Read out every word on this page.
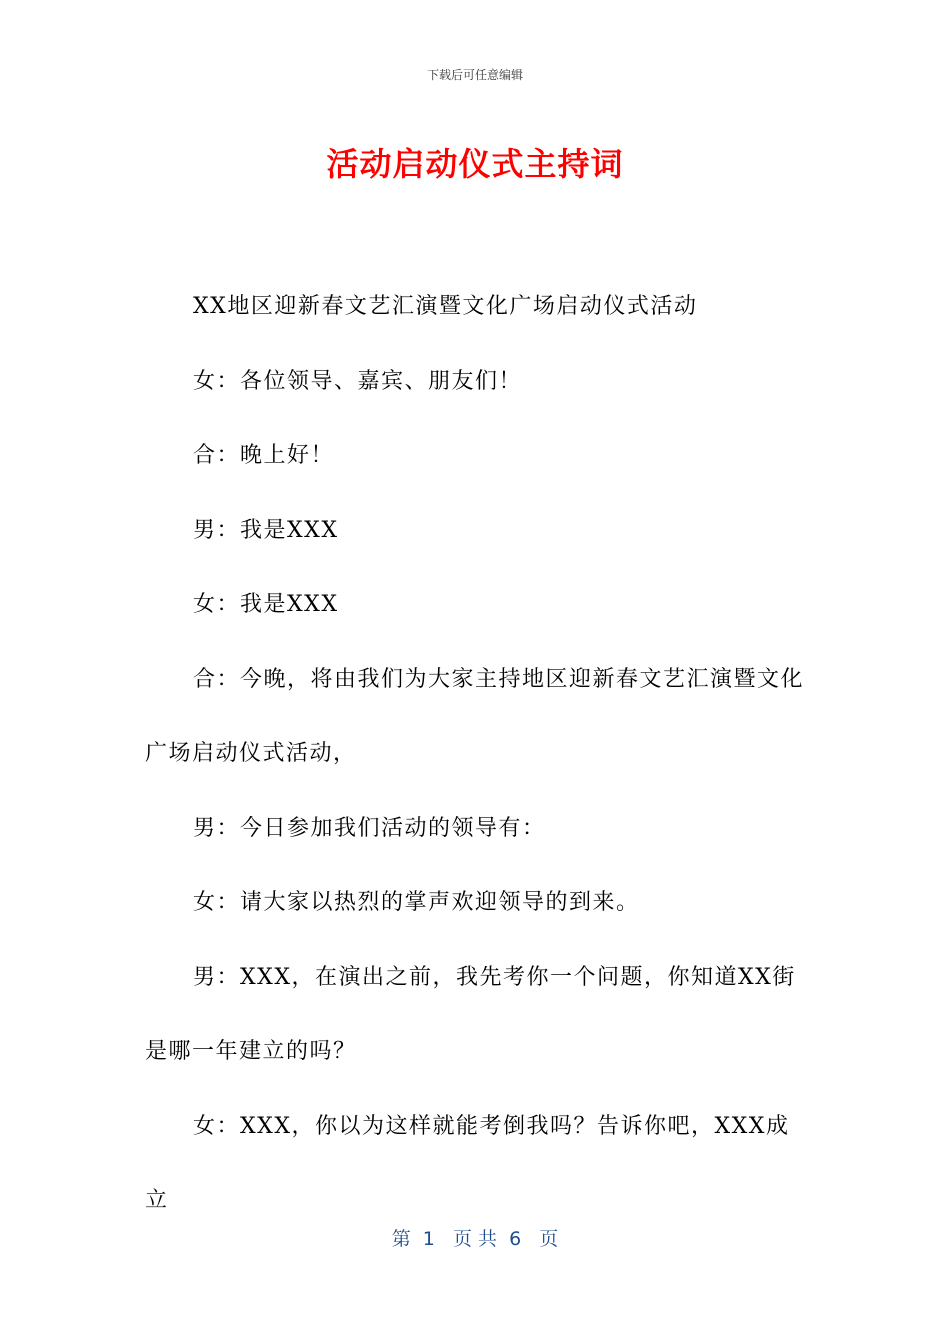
下载后可任意编辑
活动启动仪式主持词

XX地区迎新春文艺汇演暨文化广场启动仪式活动

女：各位领导、嘉宾、朋友们！

合：晚上好！

男：我是XXX

女：我是XXX

合：今晚，将由我们为大家主持地区迎新春文艺汇演暨文化广场启动仪式活动，

男：今日参加我们活动的领导有：

女：请大家以热烈的掌声欢迎领导的到来。

男：XXX，在演出之前，我先考你一个问题，你知道XX街是哪一年建立的吗？

女：XXX，你以为这样就能考倒我吗？告诉你吧，XXX成立

第  1   页 共  6   页
